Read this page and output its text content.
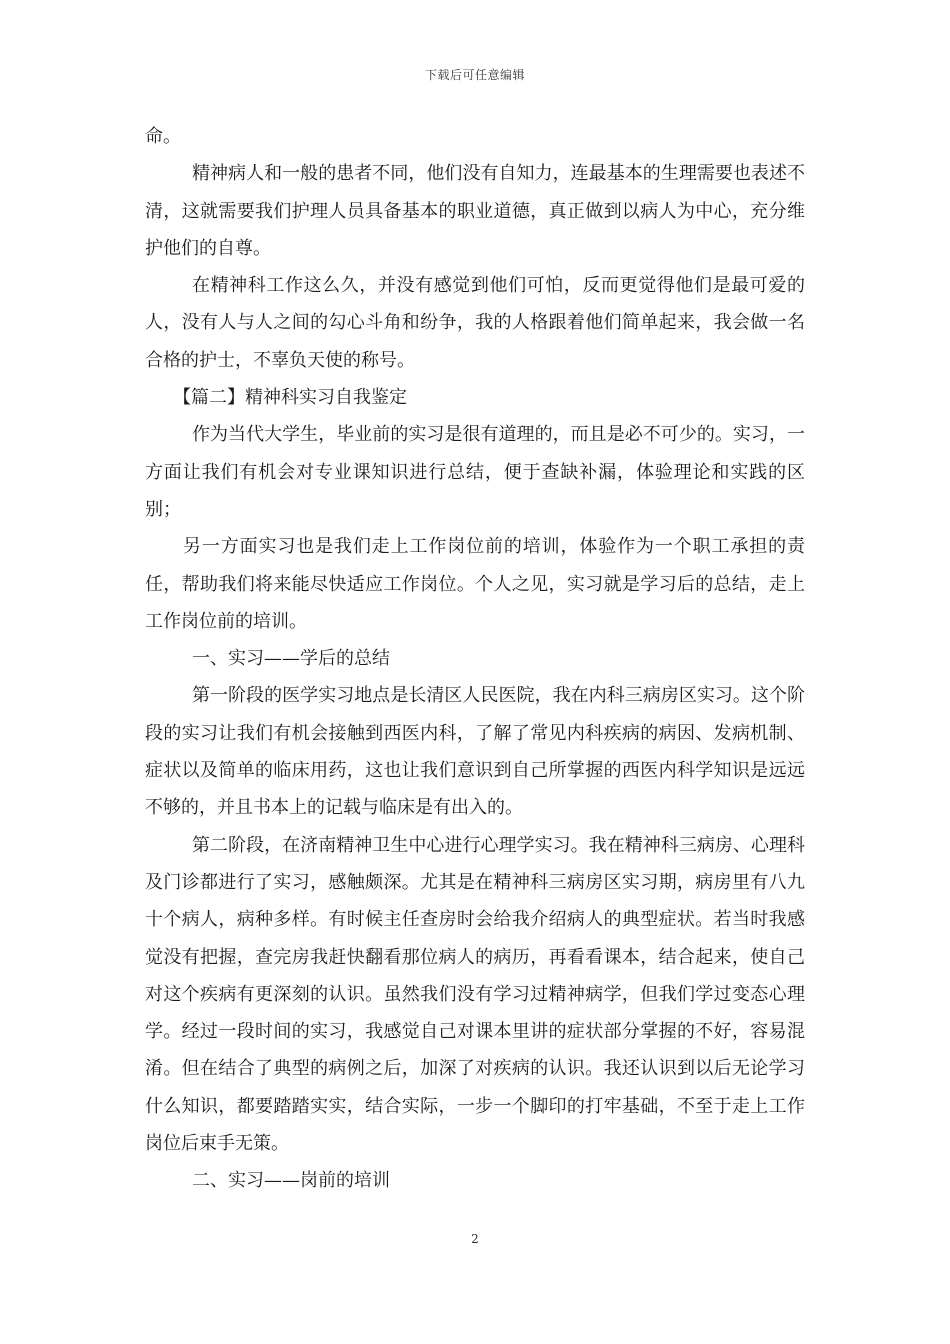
下载后可任意编辑

命。

精神病人和一般的患者不同，他们没有自知力，连最基本的生理需要也表述不清，这就需要我们护理人员具备基本的职业道德，真正做到以病人为中心，充分维护他们的自尊。

在精神科工作这么久，并没有感觉到他们可怕，反而更觉得他们是最可爱的人，没有人与人之间的勾心斗角和纷争，我的人格跟着他们简单起来，我会做一名合格的护士，不辜负天使的称号。

【篇二】精神科实习自我鉴定

作为当代大学生，毕业前的实习是很有道理的，而且是必不可少的。实习，一方面让我们有机会对专业课知识进行总结，便于查缺补漏，体验理论和实践的区别；

另一方面实习也是我们走上工作岗位前的培训，体验作为一个职工承担的责任，帮助我们将来能尽快适应工作岗位。个人之见，实习就是学习后的总结，走上工作岗位前的培训。

一、实习——学后的总结

第一阶段的医学实习地点是长清区人民医院，我在内科三病房区实习。这个阶段的实习让我们有机会接触到西医内科，了解了常见内科疾病的病因、发病机制、症状以及简单的临床用药，这也让我们意识到自己所掌握的西医内科学知识是远远不够的，并且书本上的记载与临床是有出入的。

第二阶段，在济南精神卫生中心进行心理学实习。我在精神科三病房、心理科及门诊都进行了实习，感触颇深。尤其是在精神科三病房区实习期，病房里有八九十个病人，病种多样。有时候主任查房时会给我介绍病人的典型症状。若当时我感觉没有把握，查完房我赶快翻看那位病人的病历，再看看课本，结合起来，使自己对这个疾病有更深刻的认识。虽然我们没有学习过精神病学，但我们学过变态心理学。经过一段时间的实习，我感觉自己对课本里讲的症状部分掌握的不好，容易混淆。但在结合了典型的病例之后，加深了对疾病的认识。我还认识到以后无论学习什么知识，都要踏踏实实，结合实际，一步一个脚印的打牢基础，不至于走上工作岗位后束手无策。

二、实习——岗前的培训

2
